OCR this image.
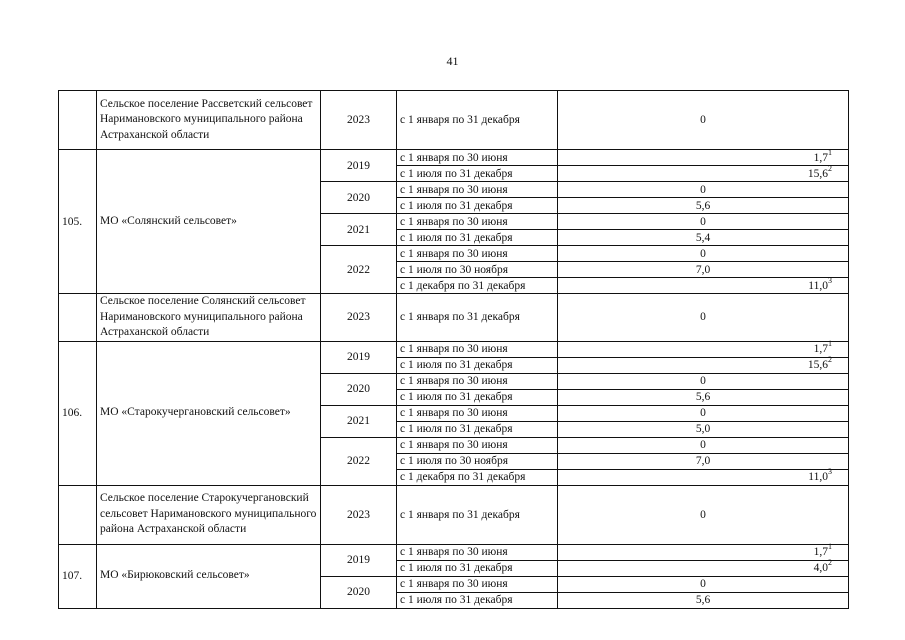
41
	Сельское поселение Рассветский сельсовет Наримановского муниципального района Астраханской области	2023	с 1 января по 31 декабря	0
105.	МО «Солянский сельсовет»	2019	с 1 января по 30 июня	$1,7^1$
			с 1 июля по 31 декабря	15,6$^2$
		2020	с 1 января по 30 июня	0
			с 1 июля по 31 декабря	5,6
		2021	с 1 января по 30 июня	0
			с 1 июля по 31 декабря	5,4
		2022	с 1 января по 30 июня	0
			с 1 июля по 30 ноября	7,0
			с 1 декабря по 31 декабря	11,0$^3$
	Сельское поселение Солянский сельсовет Наримановского муниципального района Астраханской области	2023	с 1 января по 31 декабря	0
106.	МО «Старокучергановский сельсовет»	2019	с 1 января по 30 июня	$1,7^1$
			с 1 июля по 31 декабря	15,6$^2$
		2020	с 1 января по 30 июня	0
			с 1 июля по 31 декабря	5,6
		2021	с 1 января по 30 июня	0
			с 1 июля по 31 декабря	5,0
		2022	с 1 января по 30 июня	0
			с 1 июля по 30 ноября	7,0
			с 1 декабря по 31 декабря	11,0$^3$
	Сельское поселение Старокучергановский сельсовет Наримановского муниципального района Астраханской области	2023	с 1 января по 31 декабря	0
107.	МО «Бирюковский сельсовет»	2019	с 1 января по 30 июня	$1,7^1$
			с 1 июля по 31 декабря	$4,0^2$
		2020	с 1 января по 30 июня	0
			с 1 июля по 31 декабря	5,6
